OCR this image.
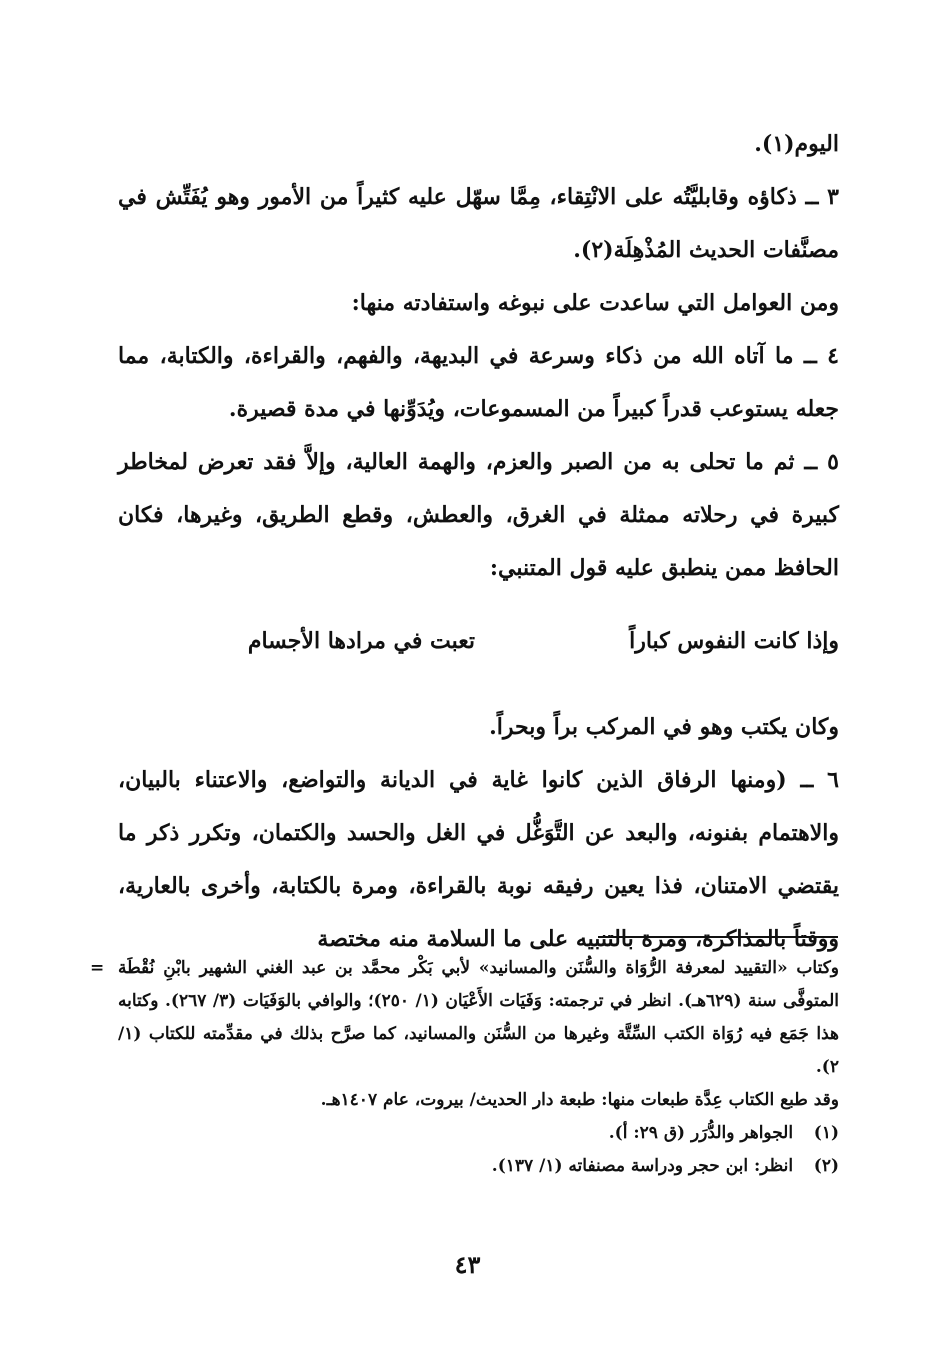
اليوم(١).

٣ ــ ذكاؤه وقابليَّتُه على الانْتِقاء، مِمَّا سهّل عليه كثيراً من الأمور وهو يُفَتِّش في مصنَّفات الحديث المُذْهِلَة(٢).

ومن العوامل التي ساعدت على نبوغه واستفادته منها:

٤ ــ ما آتاه الله من ذكاء وسرعة في البديهة، والفهم، والقراءة، والكتابة، مما جعله يستوعب قدراً كبيراً من المسموعات، ويُدَوِّنها في مدة قصيرة.

٥ ــ ثم ما تحلى به من الصبر والعزم، والهمة العالية، وإلاَّ فقد تعرض لمخاطر كبيرة في رحلاته ممثلة في الغرق، والعطش، وقطع الطريق، وغيرها، فكان الحافظ ممن ينطبق عليه قول المتنبي:

وكان يكتب وهو في المركب براً وبحراً.

٦ ــ (ومنها الرفاق الذين كانوا غاية في الديانة والتواضع، والاعتناء بالبيان، والاهتمام بفنونه، والبعد عن التَّوَغُّل في الغل والحسد والكتمان، وتكرر ذكر ما يقتضي الامتنان، فذا يعين رفيقه نوبة بالقراءة، ومرة بالكتابة، وأخرى بالعارية، ووقتاً بالمذاكرة، ومرة بالتنبيه على ما السلامة منه مختصة

وإذا كانت النفوس كباراً
تعبت في مرادها الأجسام

وكتاب «التقييد لمعرفة الرُّوَاة والسُّنَن والمسانيد» لأبي بَكْر محمَّد بن عبد الغني الشهير بابْنِ نُقْطَة المتوفَّى سنة (٦٢٩هـ). انظر في ترجمته: وَفَيَات الأَعْيَان (١/ ٢٥٠)؛ والوافي بالوَفَيَات (٣/ ٢٦٧). وكتابه هذا جَمَع فيه رُوَاة الكتب السِّتَّة وغيرها من السُّنَن والمسانيد، كما صرَّح بذلك في مقدِّمته للكتاب (١/ ٢).
=

وقد طبع الكتاب عِدَّة طبعات منها: طبعة دار الحديث/ بيروت، عام ١٤٠٧هـ.

(١) الجواهر والدُّرَر (ق ٢٩: أ).

(٢) انظر: ابن حجر ودراسة مصنفاته (١/ ١٣٧).

٤٣
